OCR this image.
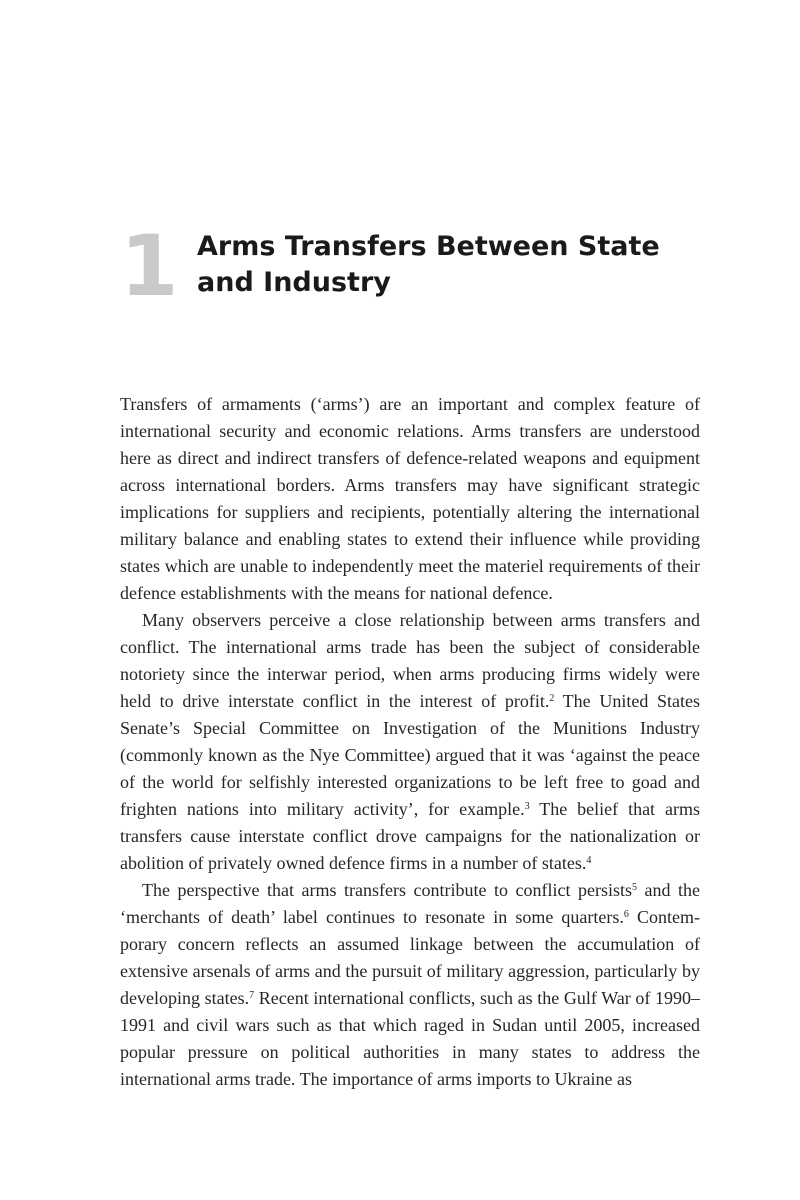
1 Arms Transfers Between State and Industry

Transfers of armaments (‘arms’) are an important and complex feature of international security and economic relations. Arms transfers are understood here as direct and indirect transfers of defence-related weapons and equipment across international borders. Arms transfers may have significant strategic implications for suppliers and recipients, potentially altering the international military balance and enabling states to extend their influence while providing states which are unable to independently meet the materiel requirements of their defence establishments with the means for national defence.

Many observers perceive a close relationship between arms transfers and conflict. The international arms trade has been the subject of considerable notoriety since the interwar period, when arms producing firms widely were held to drive interstate conflict in the interest of profit.$^2$ The United States Senate’s Special Committee on Investigation of the Munitions Industry (commonly known as the Nye Committee) argued that it was ‘against the peace of the world for selfishly interested organizations to be left free to goad and frighten nations into military activity’, for example.$^3$ The belief that arms transfers cause interstate conflict drove campaigns for the nationalization or abolition of privately owned defence firms in a number of states.$^4$

The perspective that arms transfers contribute to conflict persists$^5$ and the ‘merchants of death’ label continues to resonate in some quarters.$^6$ Contem-porary concern reflects an assumed linkage between the accumulation of extensive arsenals of arms and the pursuit of military aggression, particularly by developing states.$^7$ Recent international conflicts, such as the Gulf War of 1990–1991 and civil wars such as that which raged in Sudan until 2005, increased popular pressure on political authorities in many states to address the international arms trade. The importance of arms imports to Ukraine as
